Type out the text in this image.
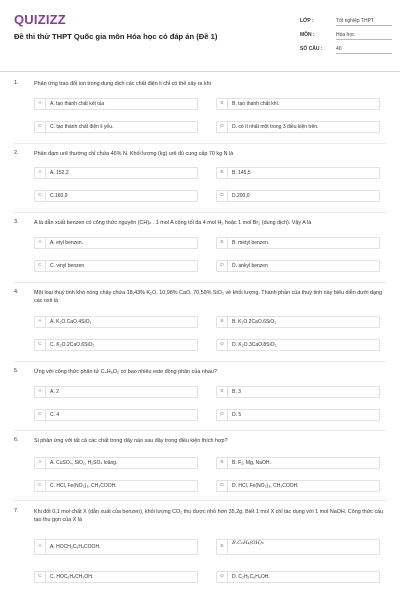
QUIZIZZ
Đề thi thử THPT Quốc gia môn Hóa học có đáp án (Đề 1)
LỚP :	Tốt nghiệp THPT
MÔN :	Hóa học
SỐ CÂU :	40
1.	Phản ứng trao đổi ion trong dung dịch các chất điện li chỉ có thể xảy ra khi
A	A. tạo thành chất kết tủa	B	B. tạo thành chất khí.
C	C. tạo thành chất điện li yếu.	D	D. có ít nhất một trong 3 điều kiện trên.
2.	Phân đạm urê thường chỉ chứa 46% N. Khối lượng (kg) urê đủ cung cấp 70 kg N là
A	A. 152,2	B	B. 145,5
C	C.160,9	D	D.200,0
3.	A là dẫn xuất benzen có công thức nguyên (CH)ₙ . 1 mol A cộng tối đa 4 mol H₂ hoặc 1 mol Br₂ (dung dịch). Vậy A là
A	A. etyl benzen.	B	B. metyl benzen.
C	C. vinyl benzen.	D	D. ankyl benzen
4.	Một loại thuỷ tinh khó nóng chảy chứa 18,43% K₂O, 10,98% CaO, 70,59% SiO₂ về khối lượng. Thành phần của thuỷ tinh này biểu diễn dưới dạng các oxit là
A	A. K₂O.CaO.4SiO₂	B	B. K₂O.2CaO.6SiO₂
C	C. K₂O.2CaO.6SiO₂	D	D. K₂O.3CaO.8SiO₂
5.	Ứng với công thức phân tử C₄H₈O₂ có bao nhiêu este đồng phân của nhau?
A	A. 2	B	B. 3
C	C. 4	D	D. 5
6.	Si phản ứng với tất cả các chất trong dãy nào sau đây trong điều kiện thích hợp?
A	A. CuSO₄, SiO₂, H₂SO₄ loãng.	B	B. F₂, Mg, NaOH.
C	C. HCl, Fe(NO₃)₃, CH₃COOH.	D	D. HCl, Fe(NO₃)₃, CH₃COOH.
7.	Khi đốt 0,1 mol chất X (dẫn xuất của benzen), khối lượng CO₂ thu được nhỏ hơn 35,2g. Biết 1 mol X chỉ tác dụng với 1 mol NaOH. Công thức cấu tạo thu gọn của X là
A	A. HOCH₂C₆H₄COOH.	B
B.C₆H₄(OH)₂
C	C. HOC₆H₄CH₂OH.	D	D. C₂H₅C₆H₄OH.
